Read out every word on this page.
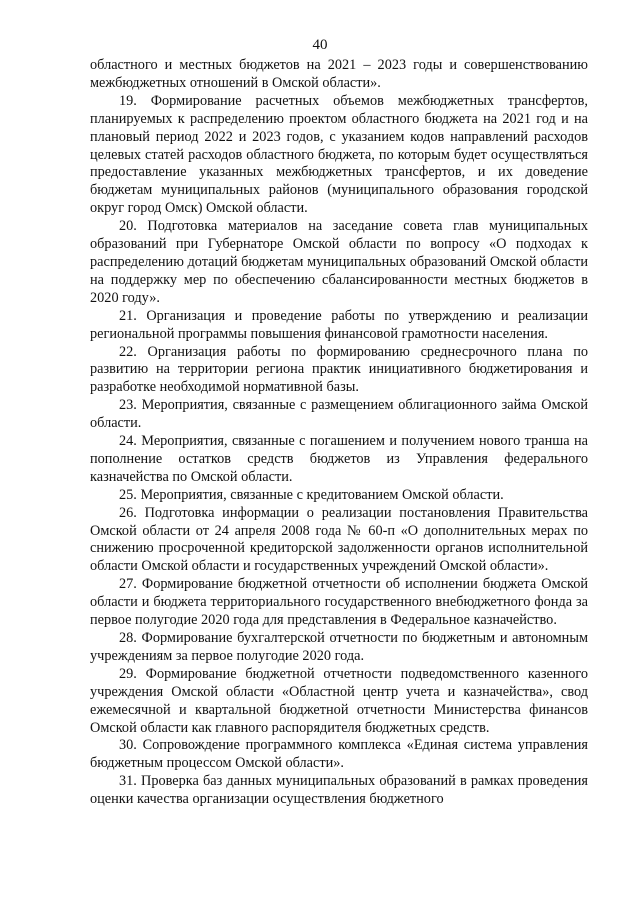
40

областного и местных бюджетов на 2021 – 2023 годы и совершенствованию межбюджетных отношений в Омской области».

19. Формирование расчетных объемов межбюджетных трансфертов, планируемых к распределению проектом областного бюджета на 2021 год и на плановый период 2022 и 2023 годов, с указанием кодов направлений расходов целевых статей расходов областного бюджета, по которым будет осуществляться предоставление указанных межбюджетных трансфертов, и их доведение бюджетам муниципальных районов (муниципального образования городской округ город Омск) Омской области.

20. Подготовка материалов на заседание совета глав муниципальных образований при Губернаторе Омской области по вопросу «О подходах к распределению дотаций бюджетам муниципальных образований Омской области на поддержку мер по обеспечению сбалансированности местных бюджетов в 2020 году».

21. Организация и проведение работы по утверждению и реализации региональной программы повышения финансовой грамотности населения.

22. Организация работы по формированию среднесрочного плана по развитию на территории региона практик инициативного бюджетирования и разработке необходимой нормативной базы.

23. Мероприятия, связанные с размещением облигационного займа Омской области.

24. Мероприятия, связанные с погашением и получением нового транша на пополнение остатков средств бюджетов из Управления федерального казначейства по Омской области.

25. Мероприятия, связанные с кредитованием Омской области.

26. Подготовка информации о реализации постановления Правительства Омской области от 24 апреля 2008 года № 60-п «О дополнительных мерах по снижению просроченной кредиторской задолженности органов исполнительной области Омской области и государственных учреждений Омской области».

27. Формирование бюджетной отчетности об исполнении бюджета Омской области и бюджета территориального государственного внебюджетного фонда за первое полугодие 2020 года для представления в Федеральное казначейство.

28. Формирование бухгалтерской отчетности по бюджетным и автономным учреждениям за первое полугодие 2020 года.

29. Формирование бюджетной отчетности подведомственного казенного учреждения Омской области «Областной центр учета и казначейства», свод ежемесячной и квартальной бюджетной отчетности Министерства финансов Омской области как главного распорядителя бюджетных средств.

30. Сопровождение программного комплекса «Единая система управления бюджетным процессом Омской области».

31. Проверка баз данных муниципальных образований в рамках проведения оценки качества организации осуществления бюджетного
